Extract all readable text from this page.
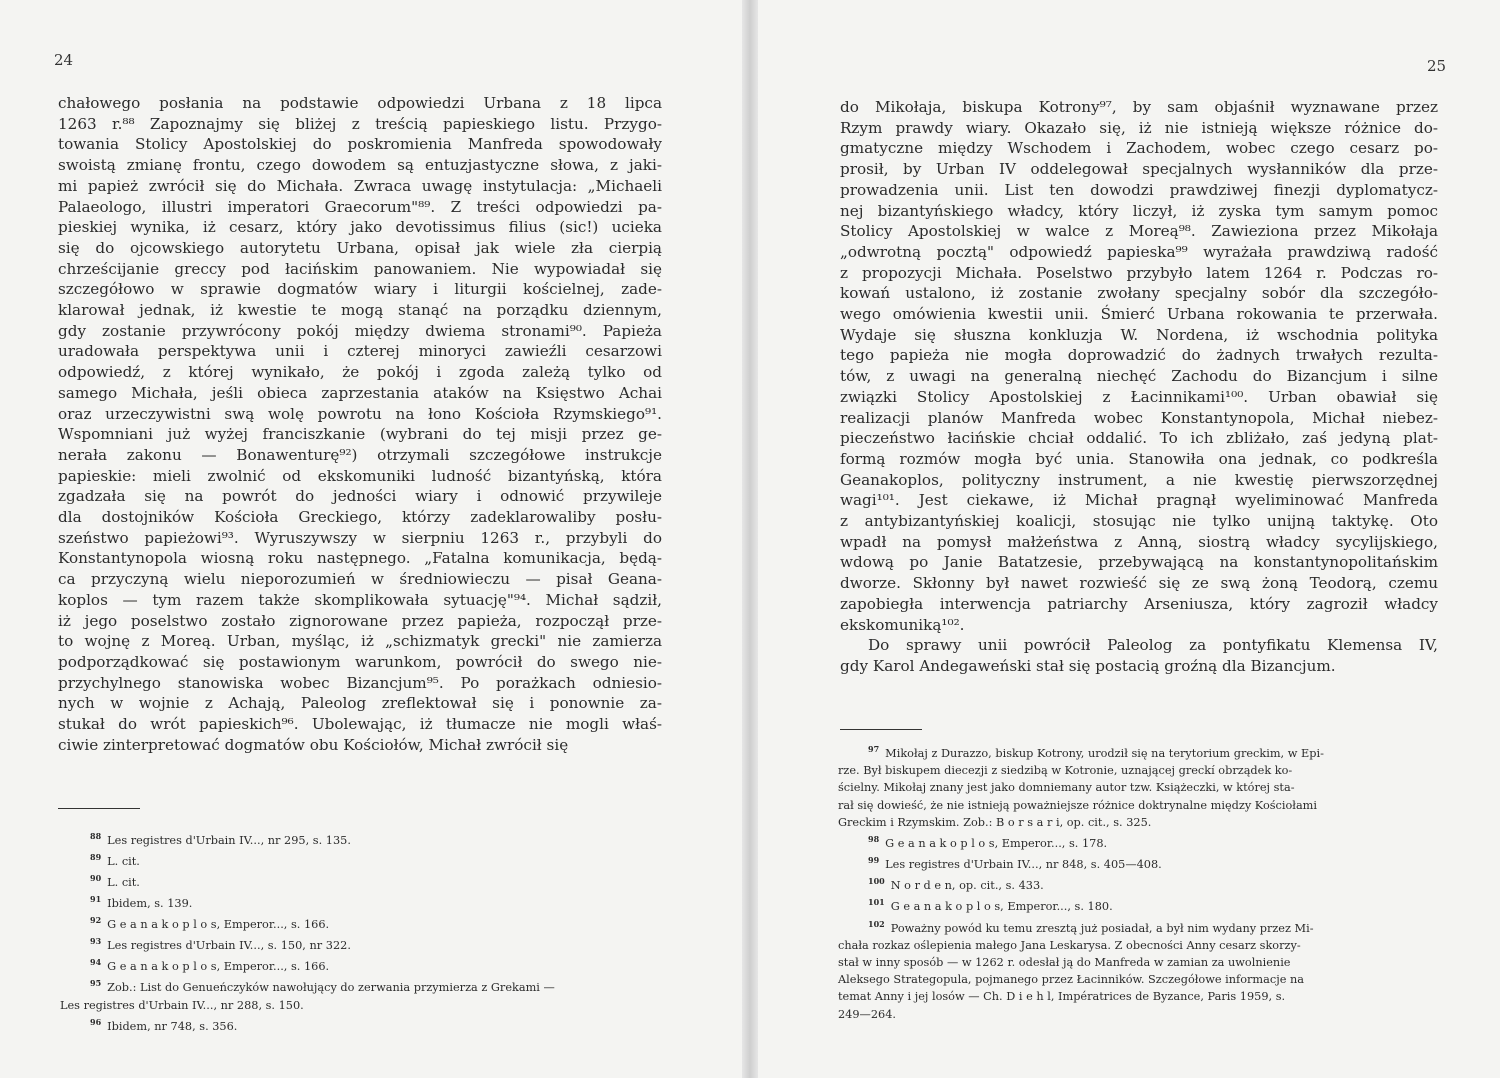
24
chałowego posłania na podstawie odpowiedzi Urbana z 18 lipca
1263 r.⁸⁸ Zapoznajmy się bliżej z treścią papieskiego listu. Przygo-
towania Stolicy Apostolskiej do poskromienia Manfreda spowodowały
swoistą zmianę frontu, czego dowodem są entuzjastyczne słowa, z jaki-
mi papież zwrócił się do Michała. Zwraca uwagę instytulacja: „Michaeli
Palaeologo, illustri imperatori Graecorum"⁸⁹. Z treści odpowiedzi pa-
pieskiej wynika, iż cesarz, który jako devotissimus filius (sic!) ucieka
się do ojcowskiego autorytetu Urbana, opisał jak wiele zła cierpią
chrześcijanie greccy pod łacińskim panowaniem. Nie wypowiadał się
szczegółowo w sprawie dogmatów wiary i liturgii kościelnej, zade-
klarował jednak, iż kwestie te mogą stanąć na porządku dziennym,
gdy zostanie przywrócony pokój między dwiema stronami⁹⁰. Papieża
uradowała perspektywa unii i czterej minoryci zawieźli cesarzowi
odpowiedź, z której wynikało, że pokój i zgoda zależą tylko od
samego Michała, jeśli obieca zaprzestania ataków na Księstwo Achai
oraz urzeczywistni swą wolę powrotu na łono Kościoła Rzymskiego⁹¹.
Wspomniani już wyżej franciszkanie (wybrani do tej misji przez ge-
nerała zakonu — Bonawenturę⁹²) otrzymali szczegółowe instrukcje
papieskie: mieli zwolnić od ekskomuniki ludność bizantyńską, która
zgadzała się na powrót do jedności wiary i odnowić przywileje
dla dostojników Kościoła Greckiego, którzy zadeklarowaliby posłu-
szeństwo papieżowi⁹³. Wyruszywszy w sierpniu 1263 r., przybyli do
Konstantynopola wiosną roku następnego. „Fatalna komunikacja, będą-
ca przyczyną wielu nieporozumień w średniowieczu — pisał Geana-
koplos — tym razem także skomplikowała sytuację"⁹⁴. Michał sądził,
iż jego poselstwo zostało zignorowane przez papieża, rozpoczął prze-
to wojnę z Moreą. Urban, myśląc, iż „schizmatyk grecki" nie zamierza
podporządkować się postawionym warunkom, powrócił do swego nie-
przychylnego stanowiska wobec Bizancjum⁹⁵. Po porażkach odniesio-
nych w wojnie z Achają, Paleolog zreflektował się i ponownie za-
stukał do wrót papieskich⁹⁶. Ubolewając, iż tłumacze nie mogli właś-
ciwie zinterpretować dogmatów obu Kościołów, Michał zwrócił się
$^{88}$ Les registres d'Urbain IV..., nr 295, s. 135.
$^{89}$ L. cit.
$^{90}$ L. cit.
$^{91}$ Ibidem, s. 139.
$^{92}$ G e a n a k o p l o s, Emperor..., s. 166.
$^{93}$ Les registres d'Urbain IV..., s. 150, nr 322.
$^{94}$ G e a n a k o p l o s, Emperor..., s. 166.
$^{95}$ Zob.: List do Genueńczyków nawołujący do zerwania przymierza z Grekami —
Les registres d'Urbain IV..., nr 288, s. 150.
$^{96}$ Ibidem, nr 748, s. 356.
25
do Mikołaja, biskupa Kotrony⁹⁷, by sam objaśnił wyznawane przez
Rzym prawdy wiary. Okazało się, iż nie istnieją większe różnice do-
gmatyczne między Wschodem i Zachodem, wobec czego cesarz po-
prosił, by Urban IV oddelegował specjalnych wysłanników dla prze-
prowadzenia unii. List ten dowodzi prawdziwej finezji dyplomatycz-
nej bizantyńskiego władcy, który liczył, iż zyska tym samym pomoc
Stolicy Apostolskiej w walce z Moreą⁹⁸. Zawieziona przez Mikołaja
„odwrotną pocztą" odpowiedź papieska⁹⁹ wyrażała prawdziwą radość
z propozycji Michała. Poselstwo przybyło latem 1264 r. Podczas ro-
kowań ustalono, iż zostanie zwołany specjalny sobór dla szczegóło-
wego omówienia kwestii unii. Śmierć Urbana rokowania te przerwała.
Wydaje się słuszna konkluzja W. Nordena, iż wschodnia polityka
tego papieża nie mogła doprowadzić do żadnych trwałych rezulta-
tów, z uwagi na generalną niechęć Zachodu do Bizancjum i silne
związki Stolicy Apostolskiej z Łacinnikami¹⁰⁰. Urban obawiał się
realizacji planów Manfreda wobec Konstantynopola, Michał niebez-
pieczeństwo łacińskie chciał oddalić. To ich zbliżało, zaś jedyną plat-
formą rozmów mogła być unia. Stanowiła ona jednak, co podkreśla
Geanakoplos, polityczny instrument, a nie kwestię pierwszorzędnej
wagi¹⁰¹. Jest ciekawe, iż Michał pragnął wyeliminować Manfreda
z antybizantyńskiej koalicji, stosując nie tylko unijną taktykę. Oto
wpadł na pomysł małżeństwa z Anną, siostrą władcy sycylijskiego,
wdową po Janie Batatzesie, przebywającą na konstantynopolitańskim
dworze. Skłonny był nawet rozwieść się ze swą żoną Teodorą, czemu
zapobiegła interwencja patriarchy Arseniusza, który zagroził władcy
ekskomuniką¹⁰².
Do sprawy unii powrócił Paleolog za pontyfikatu Klemensa IV,
gdy Karol Andegaweński stał się postacią groźną dla Bizancjum.
$^{97}$ Mikołaj z Durazzo, biskup Kotrony, urodził się na terytorium greckim, w Epi-
rze. Był biskupem diecezji z siedzibą w Kotronie, uznającej greckí obrządek ko-
ścielny. Mikołaj znany jest jako domniemany autor tzw. Książeczki, w której sta-
rał się dowieść, że nie istnieją poważniejsze różnice doktrynalne między Kościołami
Greckim i Rzymskim. Zob.: B o r s a r i, op. cit., s. 325.
$^{98}$ G e a n a k o p l o s, Emperor..., s. 178.
$^{99}$ Les registres d'Urbain IV..., nr 848, s. 405—408.
$^{100}$ N o r d e n, op. cit., s. 433.
$^{101}$ G e a n a k o p l o s, Emperor..., s. 180.
$^{102}$ Poważny powód ku temu zresztą już posiadał, a był nim wydany przez Mi-
chała rozkaz oślepienia małego Jana Leskarysa. Z obecności Anny cesarz skorzy-
stał w inny sposób — w 1262 r. odesłał ją do Manfreda w zamian za uwolnienie
Aleksego Strategopula, pojmanego przez Łacinników. Szczegółowe informacje na
temat Anny i jej losów — Ch. D i e h l, Impératrices de Byzance, Paris 1959, s.
249—264.
